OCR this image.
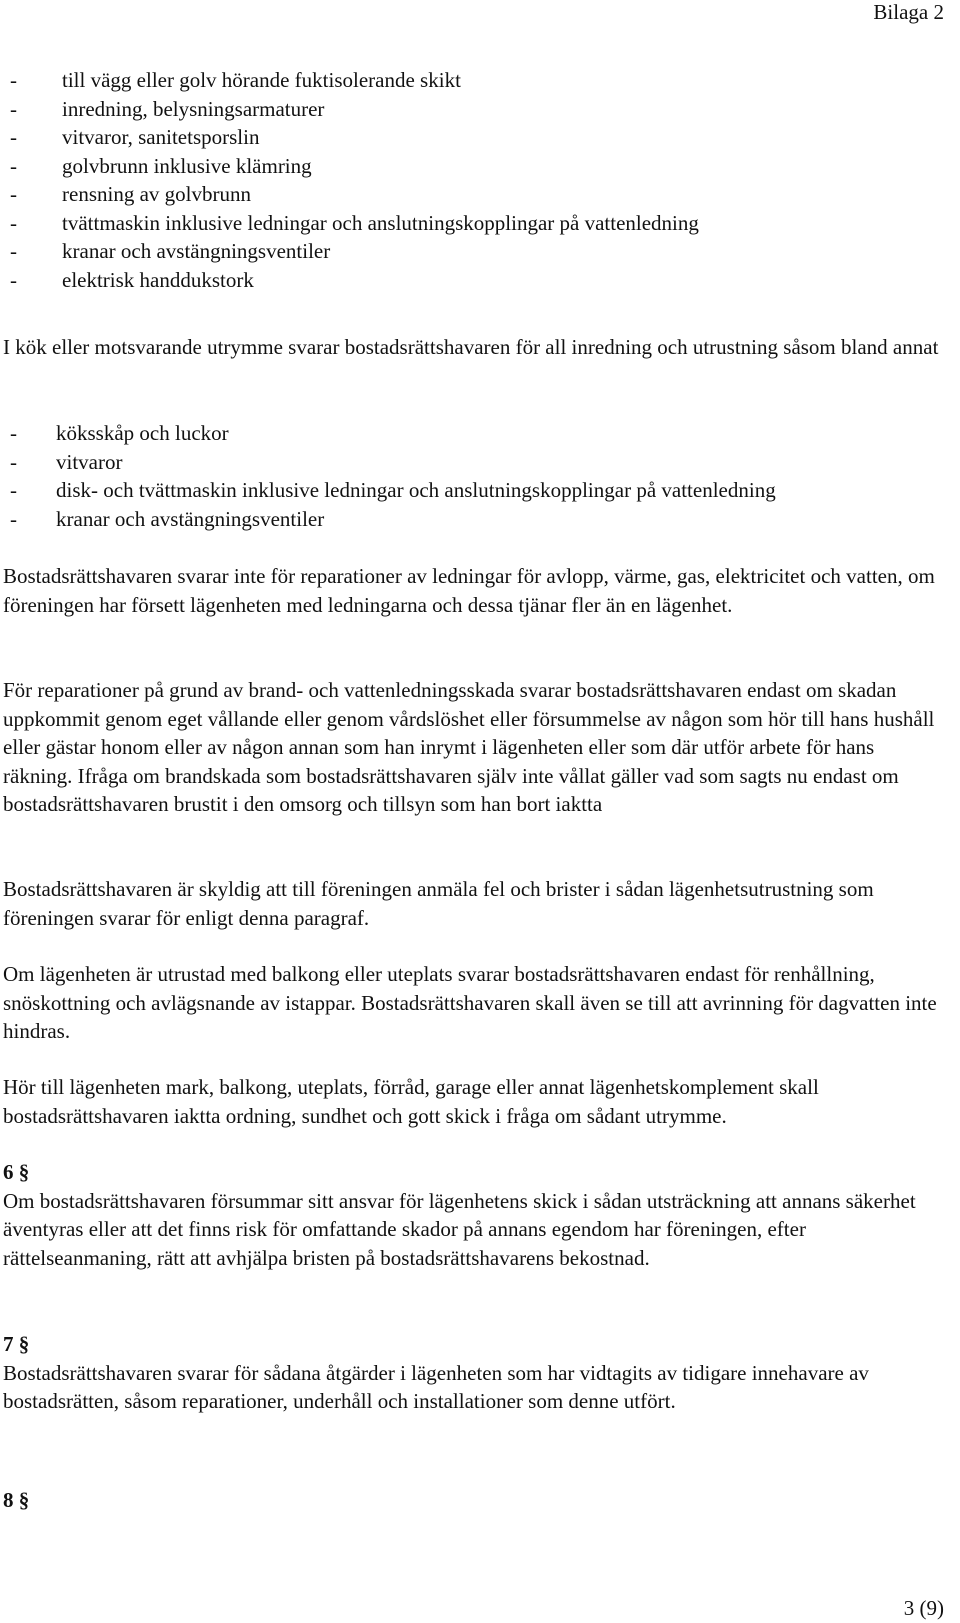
Bilaga 2
- till vägg eller golv hörande fuktisolerande skikt
- inredning, belysningsarmaturer
- vitvaror, sanitetsporslin
- golvbrunn inklusive klämring
- rensning av golvbrunn
- tvättmaskin inklusive ledningar och anslutningskopplingar på vattenledning
- kranar och avstängningsventiler
- elektrisk handdukstork

I kök eller motsvarande utrymme svarar bostadsrättshavaren för all inredning och utrustning såsom bland annat

- köksskåp och luckor
- vitvaror
- disk- och tvättmaskin inklusive ledningar och anslutningskopplingar på vattenledning
- kranar och avstängningsventiler

Bostadsrättshavaren svarar inte för reparationer av ledningar för avlopp, värme, gas, elektricitet och vatten, om föreningen har försett lägenheten med ledningarna och dessa tjänar fler än en lägenhet.

För reparationer på grund av brand- och vattenledningsskada svarar bostadsrättshavaren endast om skadan uppkommit genom eget vållande eller genom vårdslöshet eller försummelse av någon som hör till hans hushåll eller gästar honom eller av någon annan som han inrymt i lägenheten eller som där utför arbete för hans räkning. Ifråga om brandskada som bostadsrättshavaren själv inte vållat gäller vad som sagts nu endast om bostadsrättshavaren brustit i den omsorg och tillsyn som han bort iaktta

Bostadsrättshavaren är skyldig att till föreningen anmäla fel och brister i sådan lägenhetsutrustning som föreningen svarar för enligt denna paragraf.

Om lägenheten är utrustad med balkong eller uteplats svarar bostadsrättshavaren endast för renhållning, snöskottning och avlägsnande av istappar. Bostadsrättshavaren skall även se till att avrinning för dagvatten inte hindras.

Hör till lägenheten mark, balkong, uteplats, förråd, garage eller annat lägenhetskomplement skall bostadsrättshavaren iaktta ordning, sundhet och gott skick i fråga om sådant utrymme.

6 §

Om bostadsrättshavaren försummar sitt ansvar för lägenhetens skick i sådan utsträckning att annans säkerhet äventyras eller att det finns risk för omfattande skador på annans egendom har föreningen, efter rättelseanmaning, rätt att avhjälpa bristen på bostadsrättshavarens bekostnad.

7 §

Bostadsrättshavaren svarar för sådana åtgärder i lägenheten som har vidtagits av tidigare innehavare av bostadsrätten, såsom reparationer, underhåll och installationer som denne utfört.

8 §
3 (9)
